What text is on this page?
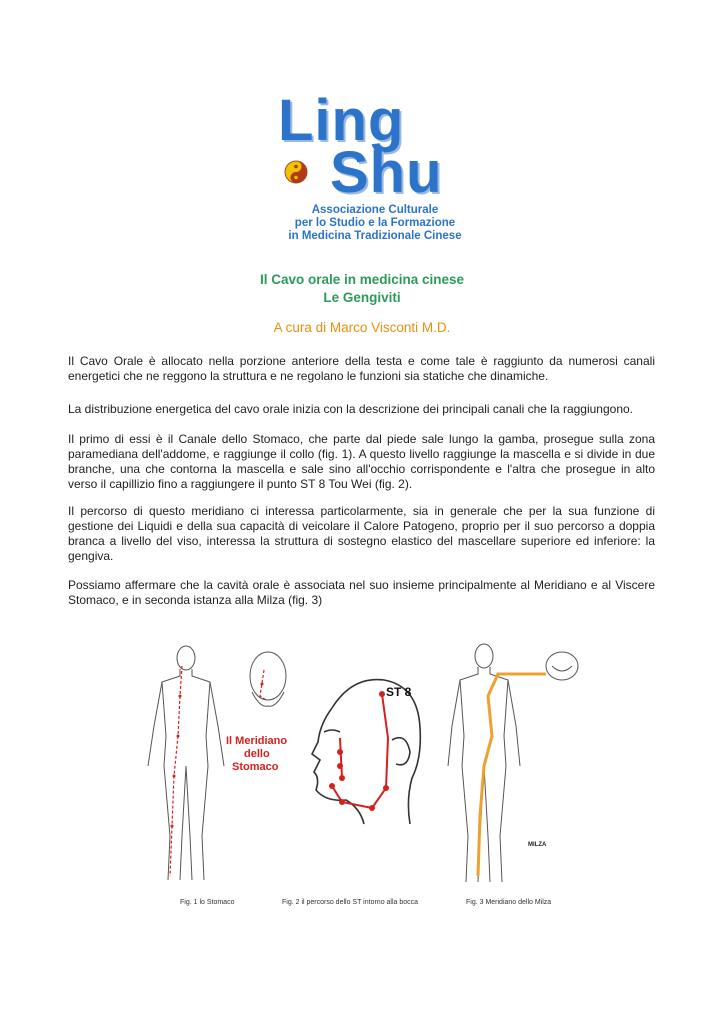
Ling
Shu
Associazione Culturale
per lo Studio e la Formazione
in Medicina Tradizionale Cinese
Il Cavo orale in medicina cinese
Le Gengiviti
A cura di Marco Visconti M.D.

Il Cavo Orale è allocato nella porzione anteriore della testa e come tale è raggiunto da numerosi canali energetici che ne reggono la struttura e ne regolano le funzioni sia statiche che dinamiche.

La distribuzione energetica del cavo orale inizia con la descrizione dei principali canali che la raggiungono.

Il primo di essi è il Canale dello Stomaco, che parte dal piede sale lungo la gamba, prosegue sulla zona paramediana dell'addome, e raggiunge il collo (fig. 1). A questo livello raggiunge la mascella e si divide in due branche, una che contorna la mascella e sale sino all'occhio corrispondente e l'altra che prosegue in alto verso il capillizio fino a raggiungere il punto ST 8 Tou Wei (fig. 2).

Il percorso di questo meridiano ci interessa particolarmente, sia in generale che per la sua funzione di gestione dei Liquidi e della sua capacità di veicolare il Calore Patogeno, proprio per il suo percorso a doppia branca a livello del viso, interessa la struttura di sostegno elastico del mascellare superiore ed inferiore: la gengiva.

Possiamo affermare che la cavità orale è associata nel suo insieme principalmente al Meridiano e al Viscere Stomaco, e in seconda istanza alla Milza (fig. 3)

Il Meridiano dello Stomaco
ST 8
MILZA
Fig. 1 lo Stomaco	Fig. 2 il percorso dello ST intorno alla bocca	Fig. 3 Meridiano dello Milza
